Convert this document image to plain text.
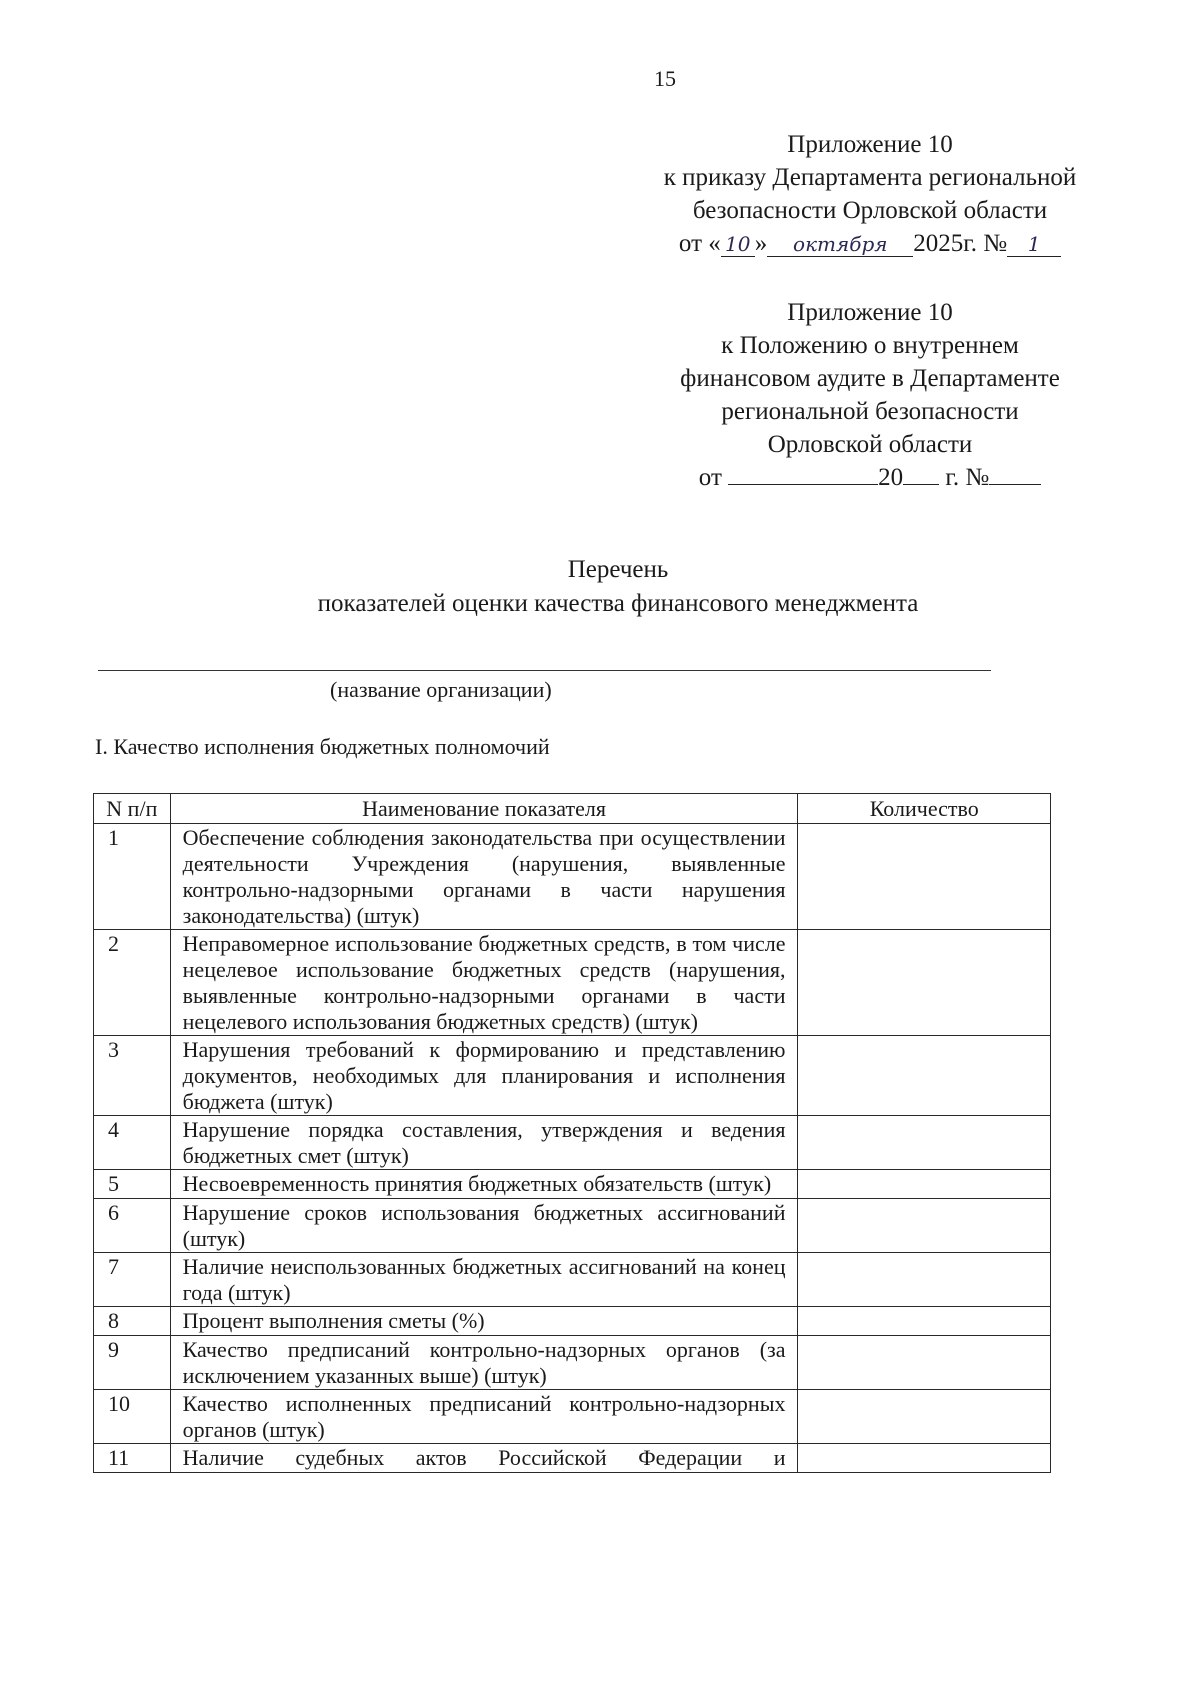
15
Приложение 10
к приказу Департамента региональной
безопасности Орловской области
от « 10 » октября 2025г. № 1
Приложение 10
к Положению о внутреннем
финансовом аудите в Департаменте
региональной безопасности
Орловской области
от	20 г. №
Перечень
показателей оценки качества финансового менеджмента
(название организации)
I. Качество исполнения бюджетных полномочий
N п/п	Наименование показателя	Количество
1	Обеспечение соблюдения законодательства при осуществлении деятельности Учреждения (нарушения, выявленные контрольно-надзорными органами в части нарушения законодательства) (штук)	
2	Неправомерное использование бюджетных средств, в том числе нецелевое использование бюджетных средств (нарушения, выявленные контрольно-надзорными органами в части нецелевого использования бюджетных средств) (штук)	
3	Нарушения требований к формированию и представлению документов, необходимых для планирования и исполнения бюджета (штук)	
4	Нарушение порядка составления, утверждения и ведения бюджетных смет (штук)	
5	Несвоевременность принятия бюджетных обязательств (штук)	
6	Нарушение сроков использования бюджетных ассигнований (штук)	
7	Наличие неиспользованных бюджетных ассигнований на конец года (штук)	
8	Процент выполнения сметы (%)	
9	Качество предписаний контрольно-надзорных органов (за исключением указанных выше) (штук)	
10	Качество исполненных предписаний контрольно-надзорных органов (штук)	
11	Наличие судебных актов Российской Федерации и	
